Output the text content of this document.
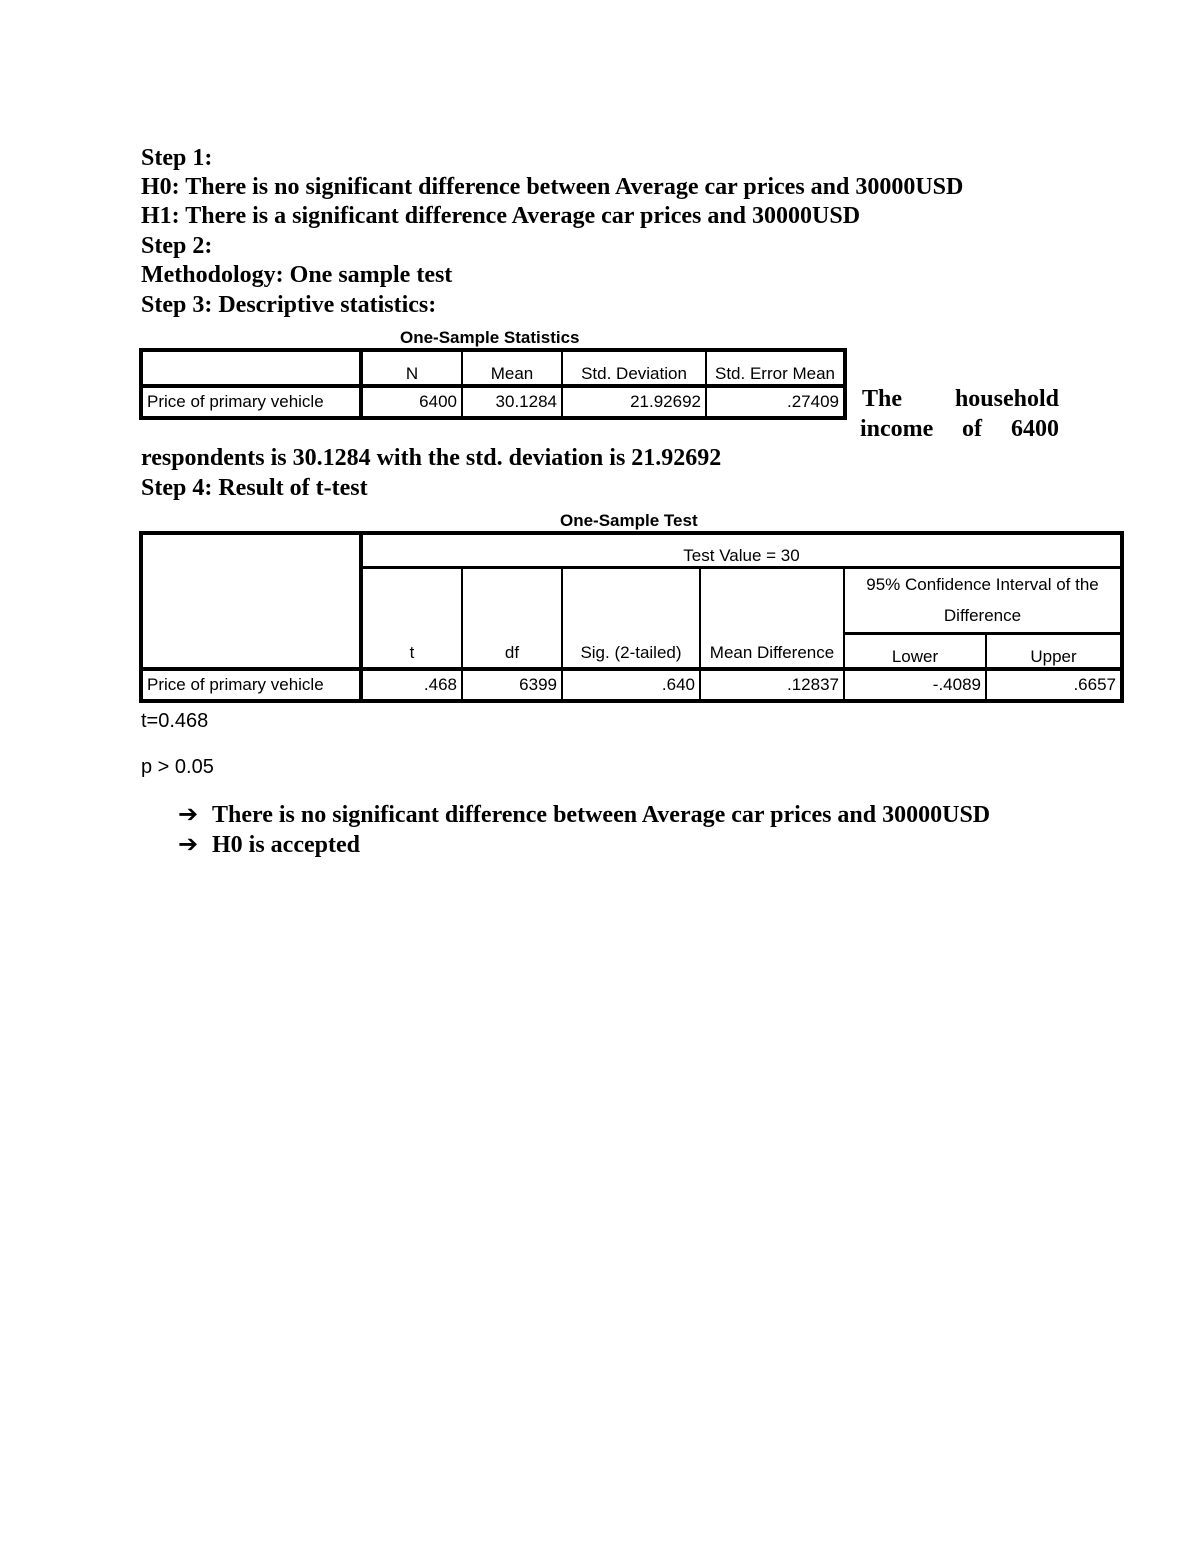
Step 1:
H0: There is no significant difference between Average car prices and 30000USD
H1: There is a significant difference Average car prices and 30000USD
Step 2:
Methodology: One sample test
Step 3: Descriptive statistics:
One-Sample Statistics
	N	Mean	Std. Deviation	Std. Error Mean
Price of primary vehicle	6400	30.1284	21.92692	.27409 The household
income of 6400
respondents is 30.1284 with the std. deviation is 21.92692
Step 4: Result of t-test
One-Sample Test
	Test Value = 30					
	t	df	Sig. (2-tailed)	Mean Difference	95% Confidence Interval of the Difference	
					Lower	Upper
Price of primary vehicle	.468	6399	.640	.12837	-.4089	.6657
t=0.468
p > 0.05
➔ There is no significant difference between Average car prices and 30000USD
➔ H0 is accepted
